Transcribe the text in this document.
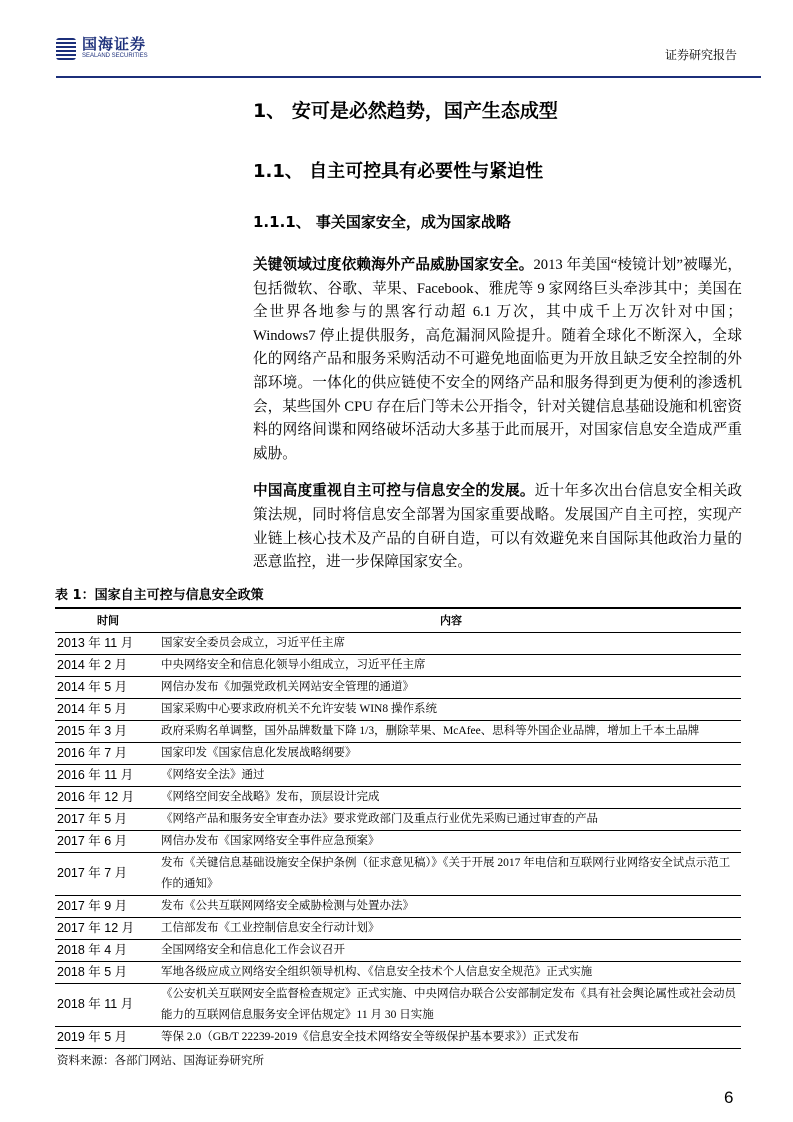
国海证券
SEALAND SECURITIES	证券研究报告
1、 安可是必然趋势，国产生态成型
1.1、 自主可控具有必要性与紧迫性
1.1.1、 事关国家安全，成为国家战略
关键领域过度依赖海外产品威胁国家安全。2013 年美国“棱镜计划”被曝光，包括微软、谷歌、苹果、Facebook、雅虎等 9 家网络巨头牵涉其中；美国在全世界各地参与的黑客行动超 6.1 万次，其中成千上万次针对中国；Windows7 停止提供服务，高危漏洞风险提升。随着全球化不断深入，全球化的网络产品和服务采购活动不可避免地面临更为开放且缺乏安全控制的外部环境。一体化的供应链使不安全的网络产品和服务得到更为便利的渗透机会，某些国外 CPU 存在后门等未公开指令，针对关键信息基础设施和机密资料的网络间谍和网络破坏活动大多基于此而展开，对国家信息安全造成严重威胁。
中国高度重视自主可控与信息安全的发展。近十年多次出台信息安全相关政策法规，同时将信息安全部署为国家重要战略。发展国产自主可控，实现产业链上核心技术及产品的自研自造，可以有效避免来自国际其他政治力量的恶意监控，进一步保障国家安全。
表 1：国家自主可控与信息安全政策
时间	内容
2013 年 11 月	国家安全委员会成立，习近平任主席
2014 年 2 月	中央网络安全和信息化领导小组成立，习近平任主席
2014 年 5 月	网信办发布《加强党政机关网站安全管理的通道》
2014 年 5 月	国家采购中心要求政府机关不允许安装 WIN8 操作系统
2015 年 3 月	政府采购名单调整，国外品牌数量下降 1/3，删除苹果、McAfee、思科等外国企业品牌，增加上千本土品牌
2016 年 7 月	国家印发《国家信息化发展战略纲要》
2016 年 11 月	《网络安全法》通过
2016 年 12 月	《网络空间安全战略》发布，顶层设计完成
2017 年 5 月	《网络产品和服务安全审查办法》要求党政部门及重点行业优先采购已通过审查的产品
2017 年 6 月	网信办发布《国家网络安全事件应急预案》
2017 年 7 月	发布《关键信息基础设施安全保护条例（征求意见稿）》《关于开展 2017 年电信和互联网行业网络安全试点示范工作的通知》
2017 年 9 月	发布《公共互联网网络安全威胁检测与处置办法》
2017 年 12 月	工信部发布《工业控制信息安全行动计划》
2018 年 4 月	全国网络安全和信息化工作会议召开
2018 年 5 月	军地各级应成立网络安全组织领导机构、《信息安全技术个人信息安全规范》正式实施
2018 年 11 月	《公安机关互联网安全监督检查规定》正式实施、中央网信办联合公安部制定发布《具有社会舆论属性或社会动员能力的互联网信息服务安全评估规定》11 月 30 日实施
2019 年 5 月	等保 2.0（GB/T 22239-2019《信息安全技术网络安全等级保护基本要求》）正式发布
资料来源：各部门网站、国海证券研究所
6
